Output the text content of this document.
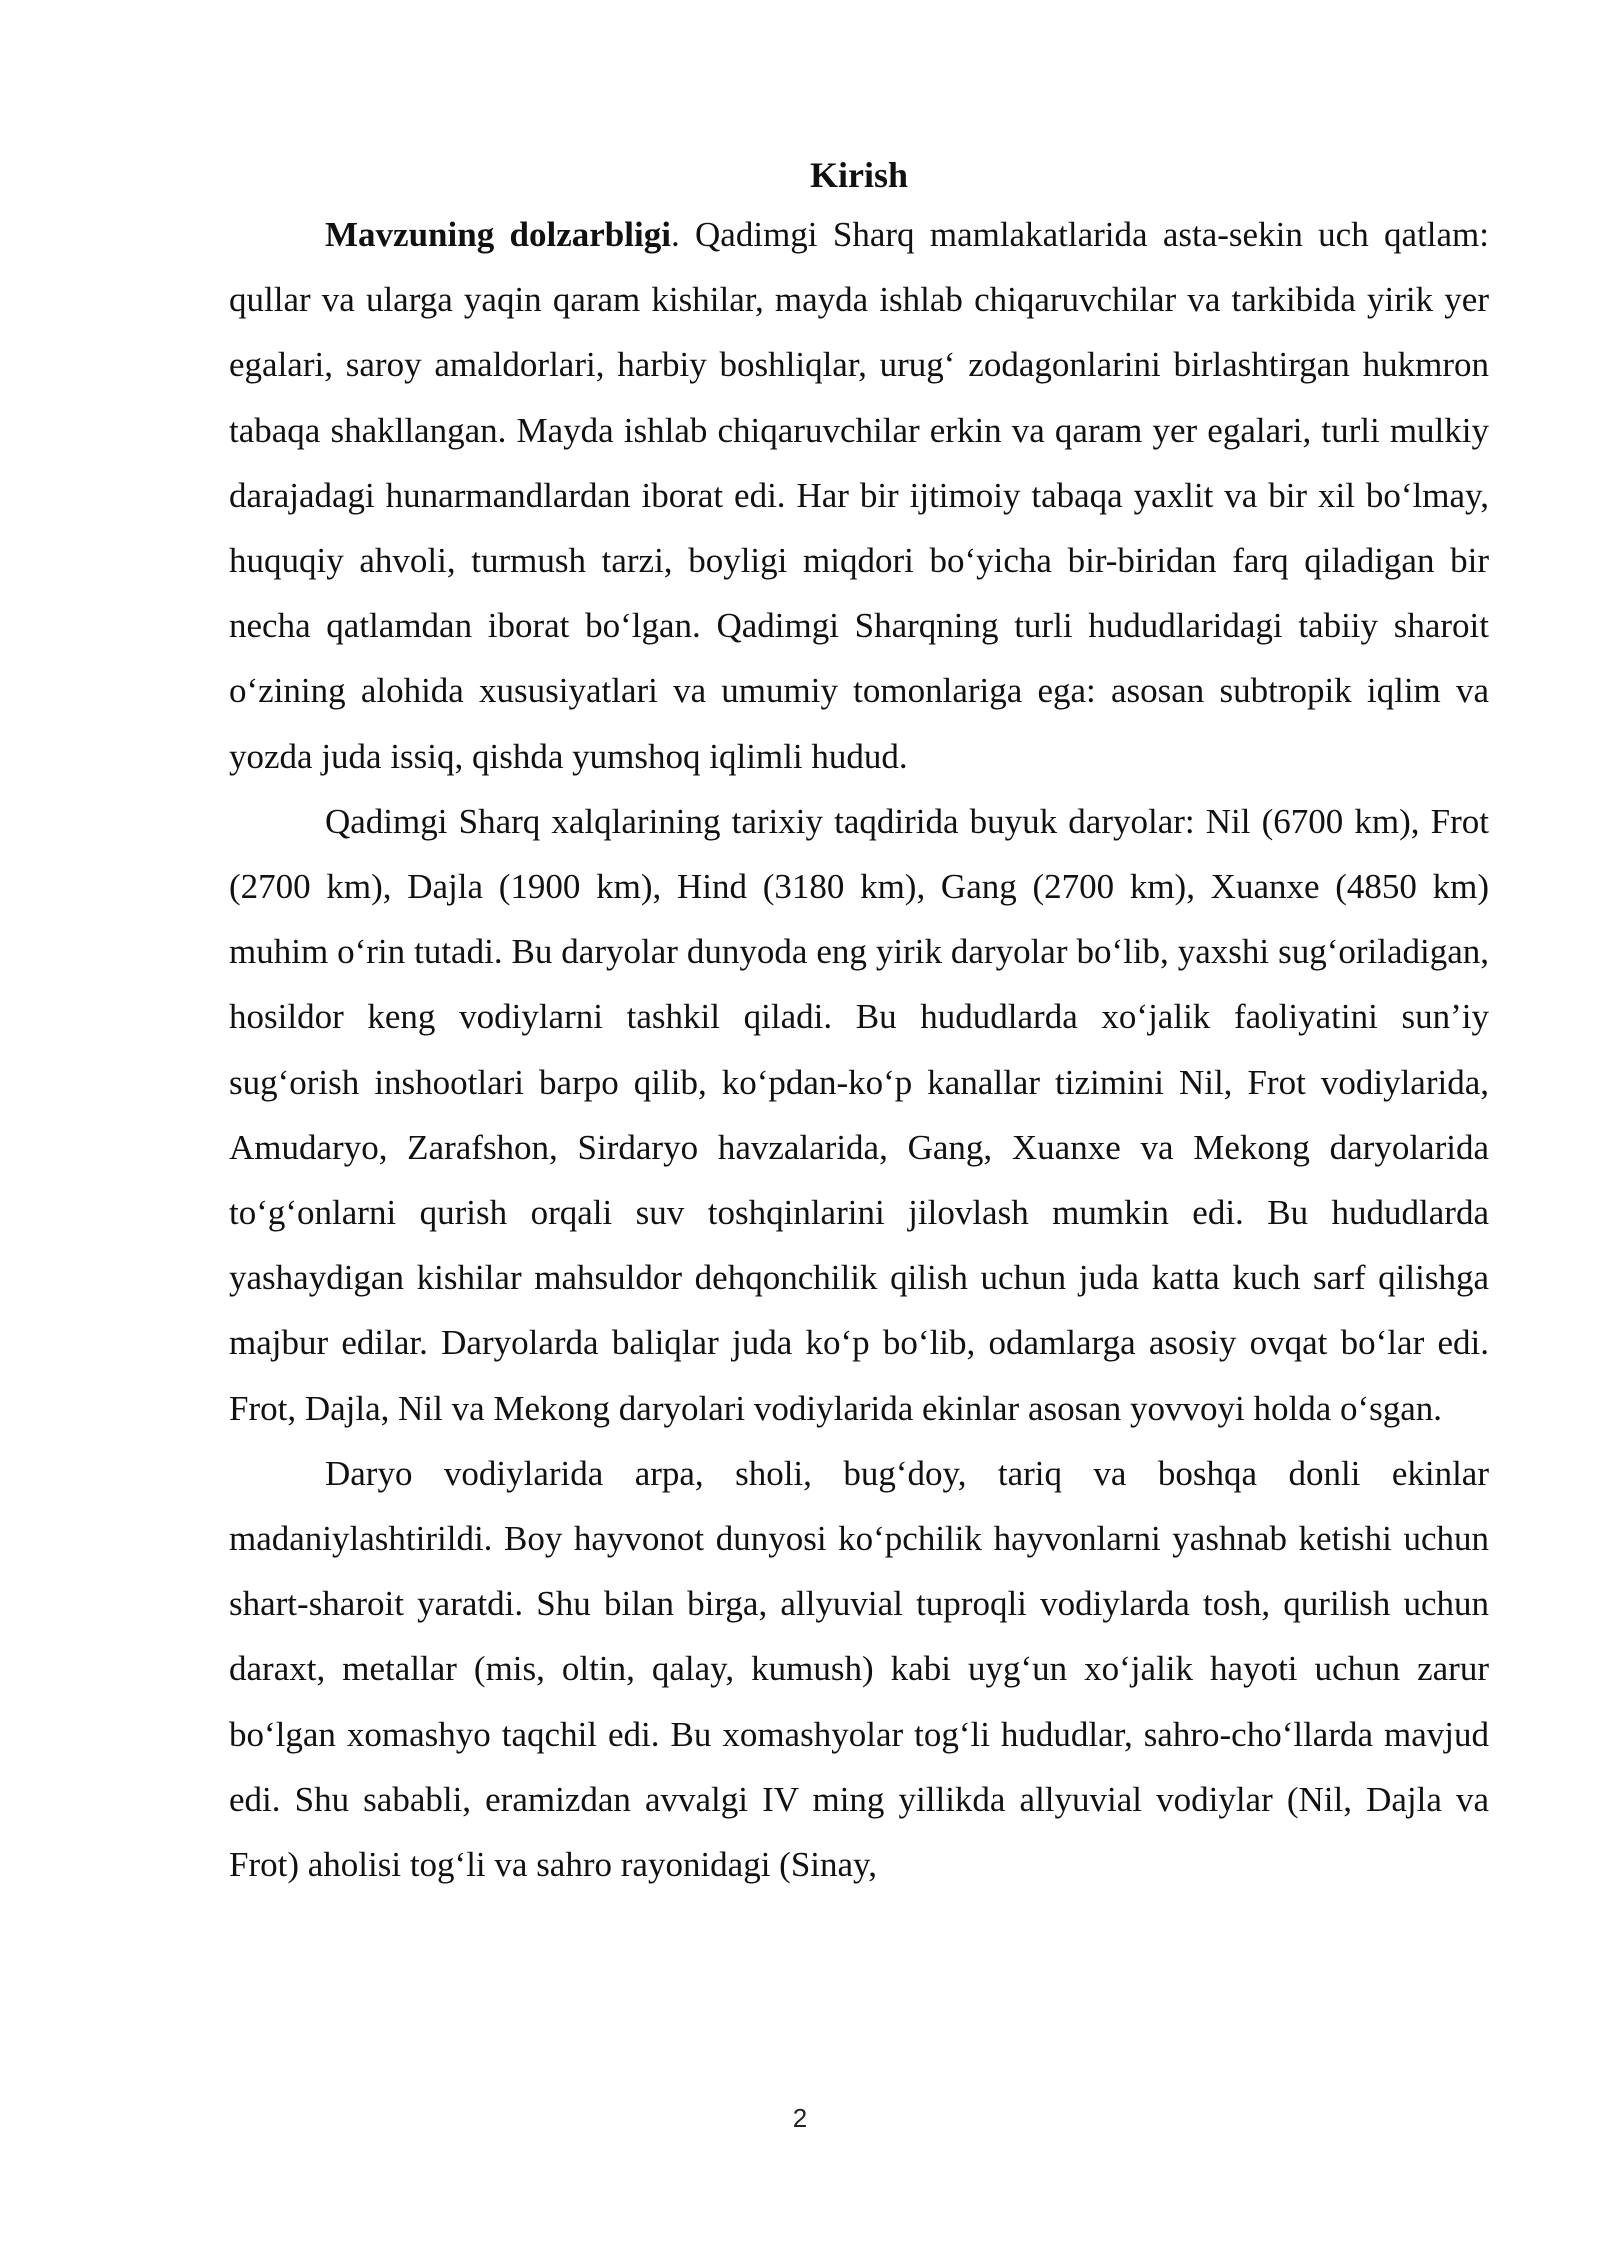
Kirish

Mavzuning dolzarbligi. Qadimgi Sharq mamlakatlarida asta-sekin uch qatlam: qullar va ularga yaqin qaram kishilar, mayda ishlab chiqaruvchilar va tarkibida yirik yer egalari, saroy amaldorlari, harbiy boshliqlar, urug‘ zodagonlarini birlashtirgan hukmron tabaqa shakllangan. Mayda ishlab chiqaruvchilar erkin va qaram yer egalari, turli mulkiy darajadagi hunarmandlardan iborat edi. Har bir ijtimoiy tabaqa yaxlit va bir xil bo‘lmay, huquqiy ahvoli, turmush tarzi, boyligi miqdori bo‘yicha bir-biridan farq qiladigan bir necha qatlamdan iborat bo‘lgan. Qadimgi Sharqning turli hududlaridagi tabiiy sharoit o‘zining alohida xususiyatlari va umumiy tomonlariga ega: asosan subtropik iqlim va yozda juda issiq, qishda yumshoq iqlimli hudud.

Qadimgi Sharq xalqlarining tarixiy taqdirida buyuk daryolar: Nil (6700 km), Frot (2700 km), Dajla (1900 km), Hind (3180 km), Gang (2700 km), Xuanxe (4850 km) muhim o‘rin tutadi. Bu daryolar dunyoda eng yirik daryolar bo‘lib, yaxshi sug‘oriladigan, hosildor keng vodiylarni tashkil qiladi. Bu hududlarda xo‘jalik faoliyatini sun’iy sug‘orish inshootlari barpo qilib, ko‘pdan-ko‘p kanallar tizimini Nil, Frot vodiylarida, Amudaryo, Zarafshon, Sirdaryo havzalarida, Gang, Xuanxe va Mekong daryolarida to‘g‘onlarni qurish orqali suv toshqinlarini jilovlash mumkin edi. Bu hududlarda yashaydigan kishilar mahsuldor dehqonchilik qilish uchun juda katta kuch sarf qilishga majbur edilar. Daryolarda baliqlar juda ko‘p bo‘lib, odamlarga asosiy ovqat bo‘lar edi. Frot, Dajla, Nil va Mekong daryolari vodiylarida ekinlar asosan yovvoyi holda o‘sgan.

Daryo vodiylarida arpa, sholi, bug‘doy, tariq va boshqa donli ekinlar madaniylashtirildi. Boy hayvonot dunyosi ko‘pchilik hayvonlarni yashnab ketishi uchun shart-sharoit yaratdi. Shu bilan birga, allyuvial tuproqli vodiylarda tosh, qurilish uchun daraxt, metallar (mis, oltin, qalay, kumush) kabi uyg‘un xo‘jalik hayoti uchun zarur bo‘lgan xomashyo taqchil edi. Bu xomashyolar tog‘li hududlar, sahro-cho‘llarda mavjud edi. Shu sababli, eramizdan avvalgi IV ming yillikda allyuvial vodiylar (Nil, Dajla va Frot) aholisi tog‘li va sahro rayonidagi (Sinay,

2
